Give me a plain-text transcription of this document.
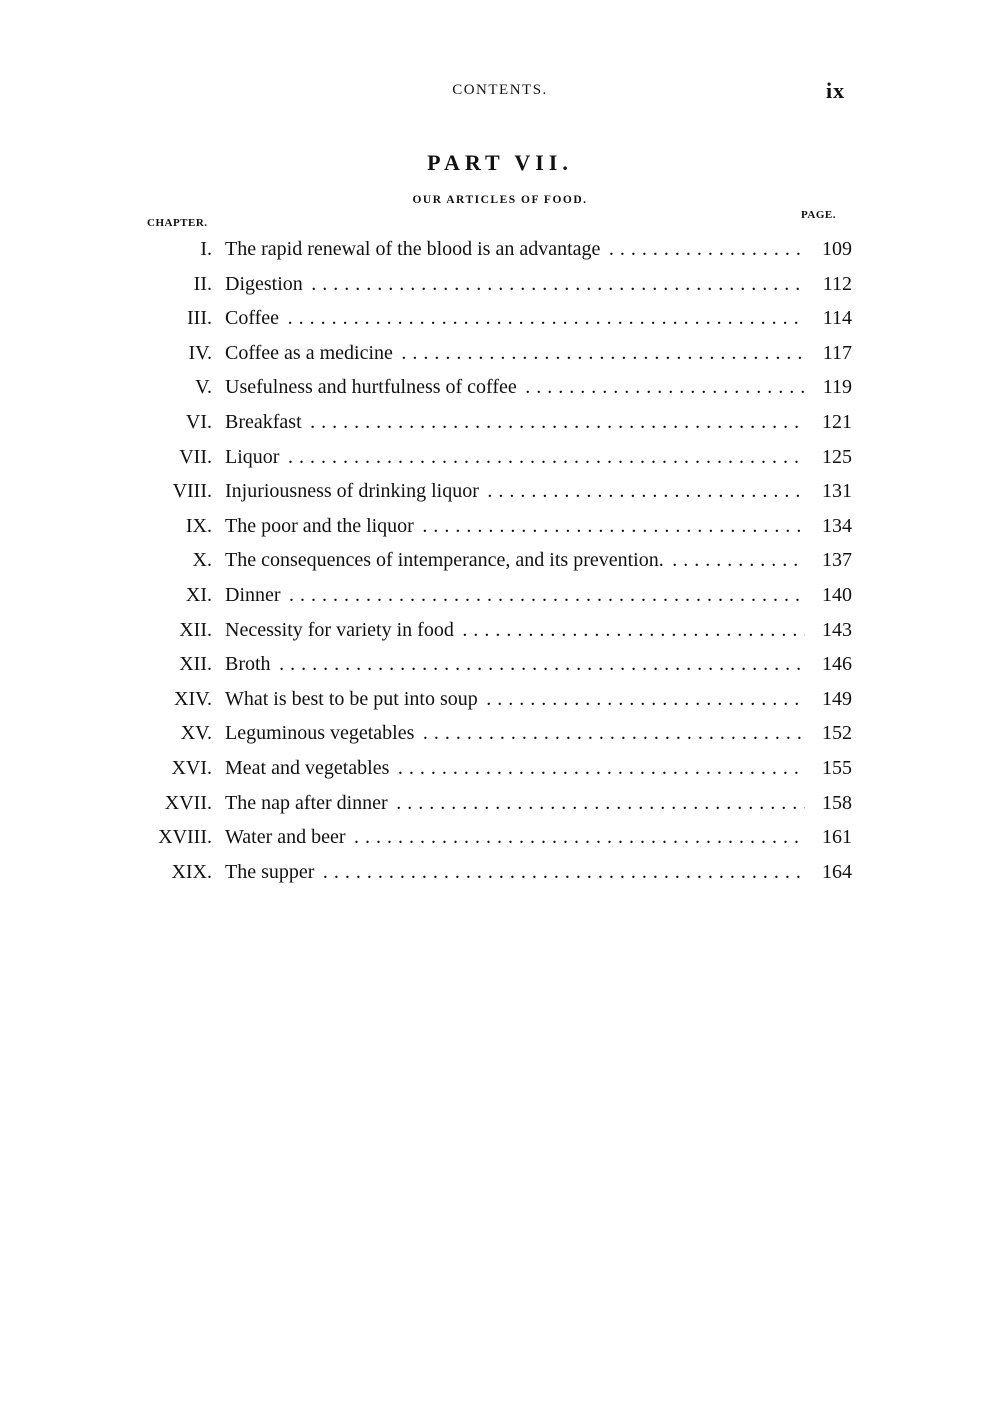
CONTENTS.	ix
PART VII.
OUR ARTICLES OF FOOD.
CHAPTER.
PAGE.
I. The rapid renewal of the blood is an advantage . . .	109
II. Digestion . . .	112
III. Coffee . . .	114
IV. Coffee as a medicine . . .	117
V. Usefulness and hurtfulness of coffee . . .	119
VI. Breakfast . . .	121
VII. Liquor . . .	125
VIII. Injuriousness of drinking liquor . . .	131
IX. The poor and the liquor . . .	134
X. The consequences of intemperance, and its prevention. . . .	137
XI. Dinner . . .	140
XII. Necessity for variety in food . . .	143
XII. Broth . . .	146
XIV. What is best to be put into soup . . .	149
XV. Leguminous vegetables . . .	152
XVI. Meat and vegetables . . .	155
XVII. The nap after dinner . . .	158
XVIII. Water and beer . . .	161
XIX. The supper . . .	164
